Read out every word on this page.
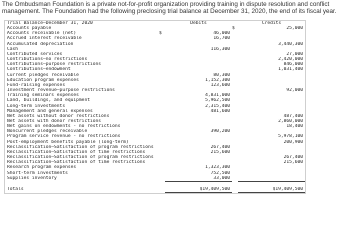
The Ombudsman Foundation is a private not-for-profit organization providing training in dispute resolution and conflict management. The Foundation had the following preclosing trial balance at December 31, 2020, the end of its fiscal year.
Trial Balance—December 31, 2020		Debits		Credits
Accounts payable			$	25,000
Accounts receivable (net)	$	46,000		
Accrued interest receivable		16,700		
Accumulated depreciation				3,440,300
Cash		116,300		
Contributed services				27,000
Contributions—no restrictions				2,420,000
Contributions—purpose restrictions				846,000
Contributions—endowment				1,031,400
Current pledges receivable		80,300		
Education program expenses		1,152,300		
Fund-raising expenses		123,600		
Investment revenue—purpose restrictions				92,000
Training seminars expenses		4,831,000		
Land, buildings, and equipment		5,962,500		
Long-term investments		2,315,400		
Management and general expenses		481,600		
Net assets without donor restrictions				487,400
Net assets with donor restrictions				2,860,000
Net gains on endowments - no restrictions				18,400
Noncurrent pledges receivable		390,200		
Program service revenue - no restrictions				5,978,100
Post-employment benefits payable (long-term)				200,900
Reclassification—Satisfaction of program restrictions		267,400		
Reclassification—Satisfaction of time restrictions		215,600		
Reclassification—Satisfaction of program restrictions				267,400
Reclassification—Satisfaction of time restrictions				215,600
Research program expenses		1,323,300		
Short-term investments		752,500		
Supplies inventory		33,000		

Totals		$19,409,500		$19,409,500
